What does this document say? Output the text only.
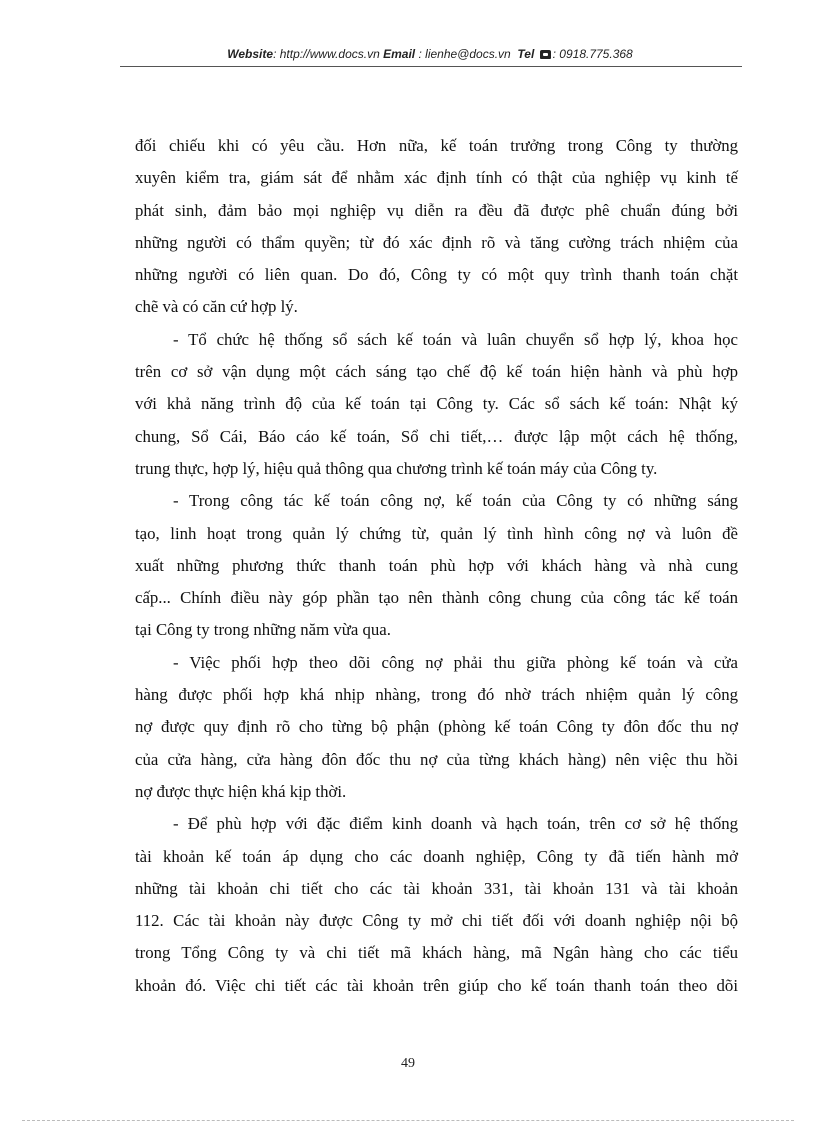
Website: http://www.docs.vn Email : lienhe@docs.vn Tel : 0918.775.368
đối chiếu khi có yêu cầu. Hơn nữa, kế toán trưởng trong Công ty thường
xuyên kiểm tra, giám sát để nhằm xác định tính có thật của nghiệp vụ kinh tế
phát sinh, đảm bảo mọi nghiệp vụ diễn ra đều đã được phê chuẩn đúng bởi
những người có thẩm quyền; từ đó xác định rõ và tăng cường trách nhiệm của
những người có liên quan. Do đó, Công ty có một quy trình thanh toán chặt
chẽ và có căn cứ hợp lý.
- Tổ chức hệ thống sổ sách kế toán và luân chuyển sổ hợp lý, khoa học
trên cơ sở vận dụng một cách sáng tạo chế độ kế toán hiện hành và phù hợp
với khả năng trình độ của kế toán tại Công ty. Các sổ sách kế toán: Nhật ký
chung, Sổ Cái, Báo cáo kế toán, Sổ chi tiết,… được lập một cách hệ thống,
trung thực, hợp lý, hiệu quả thông qua chương trình kế toán máy của Công ty.
- Trong công tác kế toán công nợ, kế toán của Công ty có những sáng
tạo, linh hoạt trong quản lý chứng từ, quản lý tình hình công nợ và luôn đề
xuất những phương thức thanh toán phù hợp với khách hàng và nhà cung
cấp... Chính điều này góp phần tạo nên thành công chung của công tác kế toán
tại Công ty trong những năm vừa qua.
- Việc phối hợp theo dõi công nợ phải thu giữa phòng kế toán và cửa
hàng được phối hợp khá nhịp nhàng, trong đó nhờ trách nhiệm quản lý công
nợ được quy định rõ cho từng bộ phận (phòng kế toán Công ty đôn đốc thu nợ
của cửa hàng, cửa hàng đôn đốc thu nợ của từng khách hàng) nên việc thu hồi
nợ được thực hiện khá kịp thời.
- Để phù hợp với đặc điểm kinh doanh và hạch toán, trên cơ sở hệ thống
tài khoản kế toán áp dụng cho các doanh nghiệp, Công ty đã tiến hành mở
những tài khoản chi tiết cho các tài khoản 331, tài khoản 131 và tài khoản
112. Các tài khoản này được Công ty mở chi tiết đối với doanh nghiệp nội bộ
trong Tổng Công ty và chi tiết mã khách hàng, mã Ngân hàng cho các tiểu
khoản đó. Việc chi tiết các tài khoản trên giúp cho kế toán thanh toán theo dõi
49
